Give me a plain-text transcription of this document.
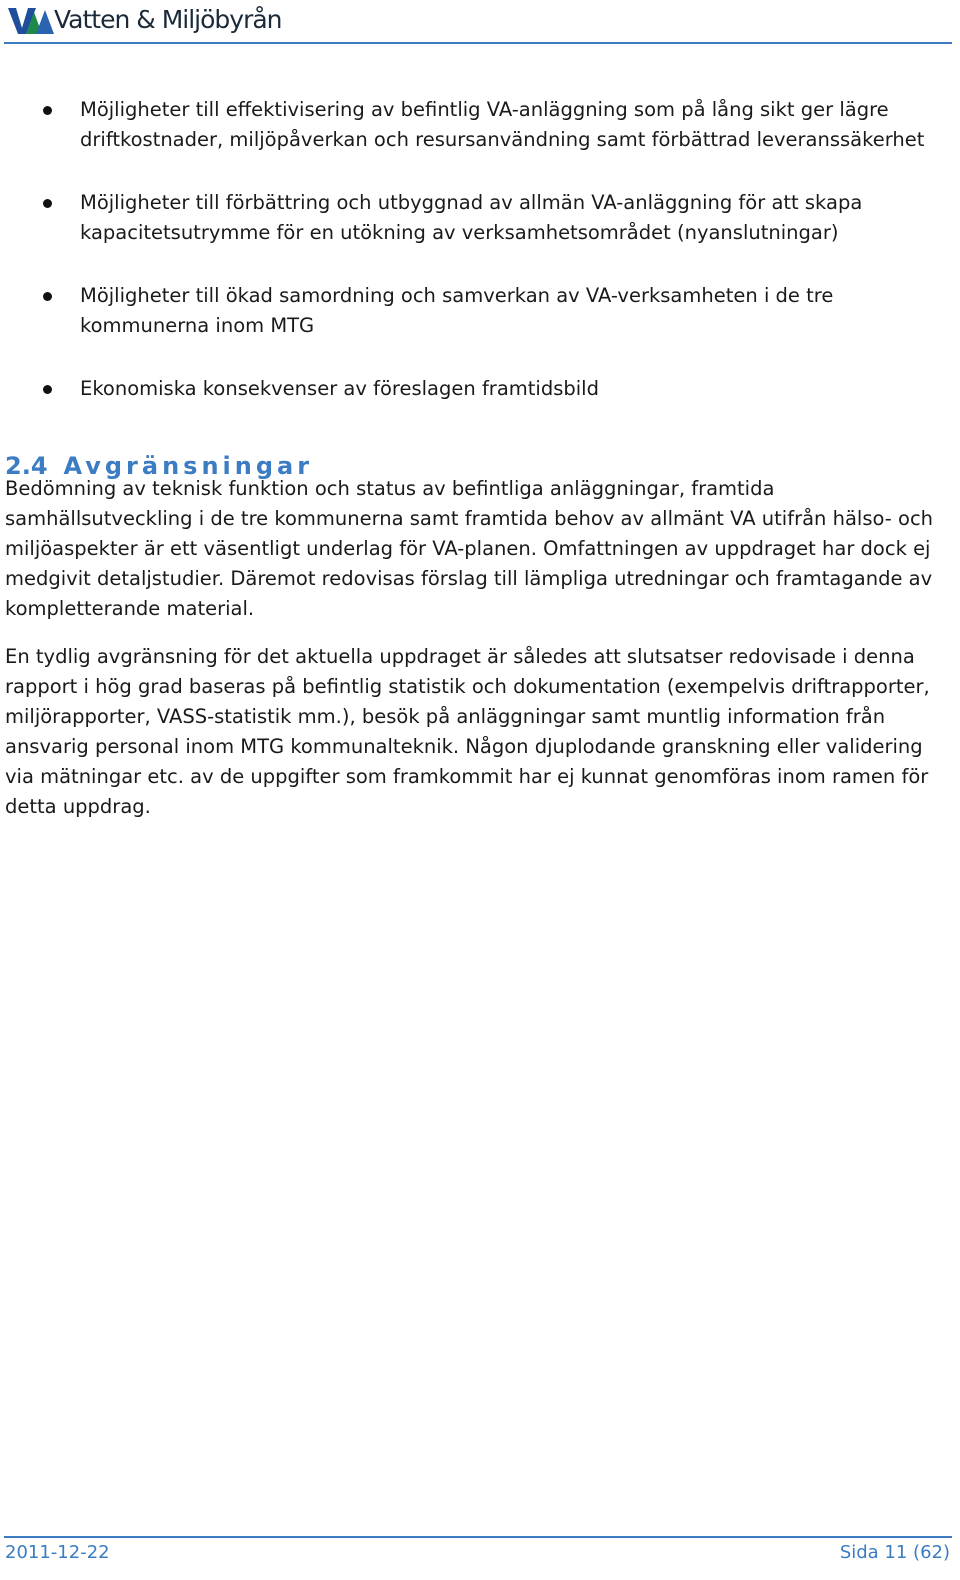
Vatten & Miljöbyrån
Möjligheter till effektivisering av befintlig VA-anläggning som på lång sikt ger lägre driftkostnader, miljöpåverkan och resursanvändning samt förbättrad leveranssäkerhet
Möjligheter till förbättring och utbyggnad av allmän VA-anläggning för att skapa kapacitetsutrymme för en utökning av verksamhetsområdet (nyanslutningar)
Möjligheter till ökad samordning och samverkan av VA-verksamheten i de tre kommunerna inom MTG
Ekonomiska konsekvenser av föreslagen framtidsbild
2.4 Avgränsningar

Bedömning av teknisk funktion och status av befintliga anläggningar, framtida samhällsutveckling i de tre kommunerna samt framtida behov av allmänt VA utifrån hälso- och miljöaspekter är ett väsentligt underlag för VA-planen. Omfattningen av uppdraget har dock ej medgivit detaljstudier. Däremot redovisas förslag till lämpliga utredningar och framtagande av kompletterande material.

En tydlig avgränsning för det aktuella uppdraget är således att slutsatser redovisade i denna rapport i hög grad baseras på befintlig statistik och dokumentation (exempelvis driftrapporter, miljörapporter, VASS-statistik mm.), besök på anläggningar samt muntlig information från ansvarig personal inom MTG kommunalteknik. Någon djuplodande granskning eller validering via mätningar etc. av de uppgifter som framkommit har ej kunnat genomföras inom ramen för detta uppdrag.

2011-12-22	Sida 11 (62)
